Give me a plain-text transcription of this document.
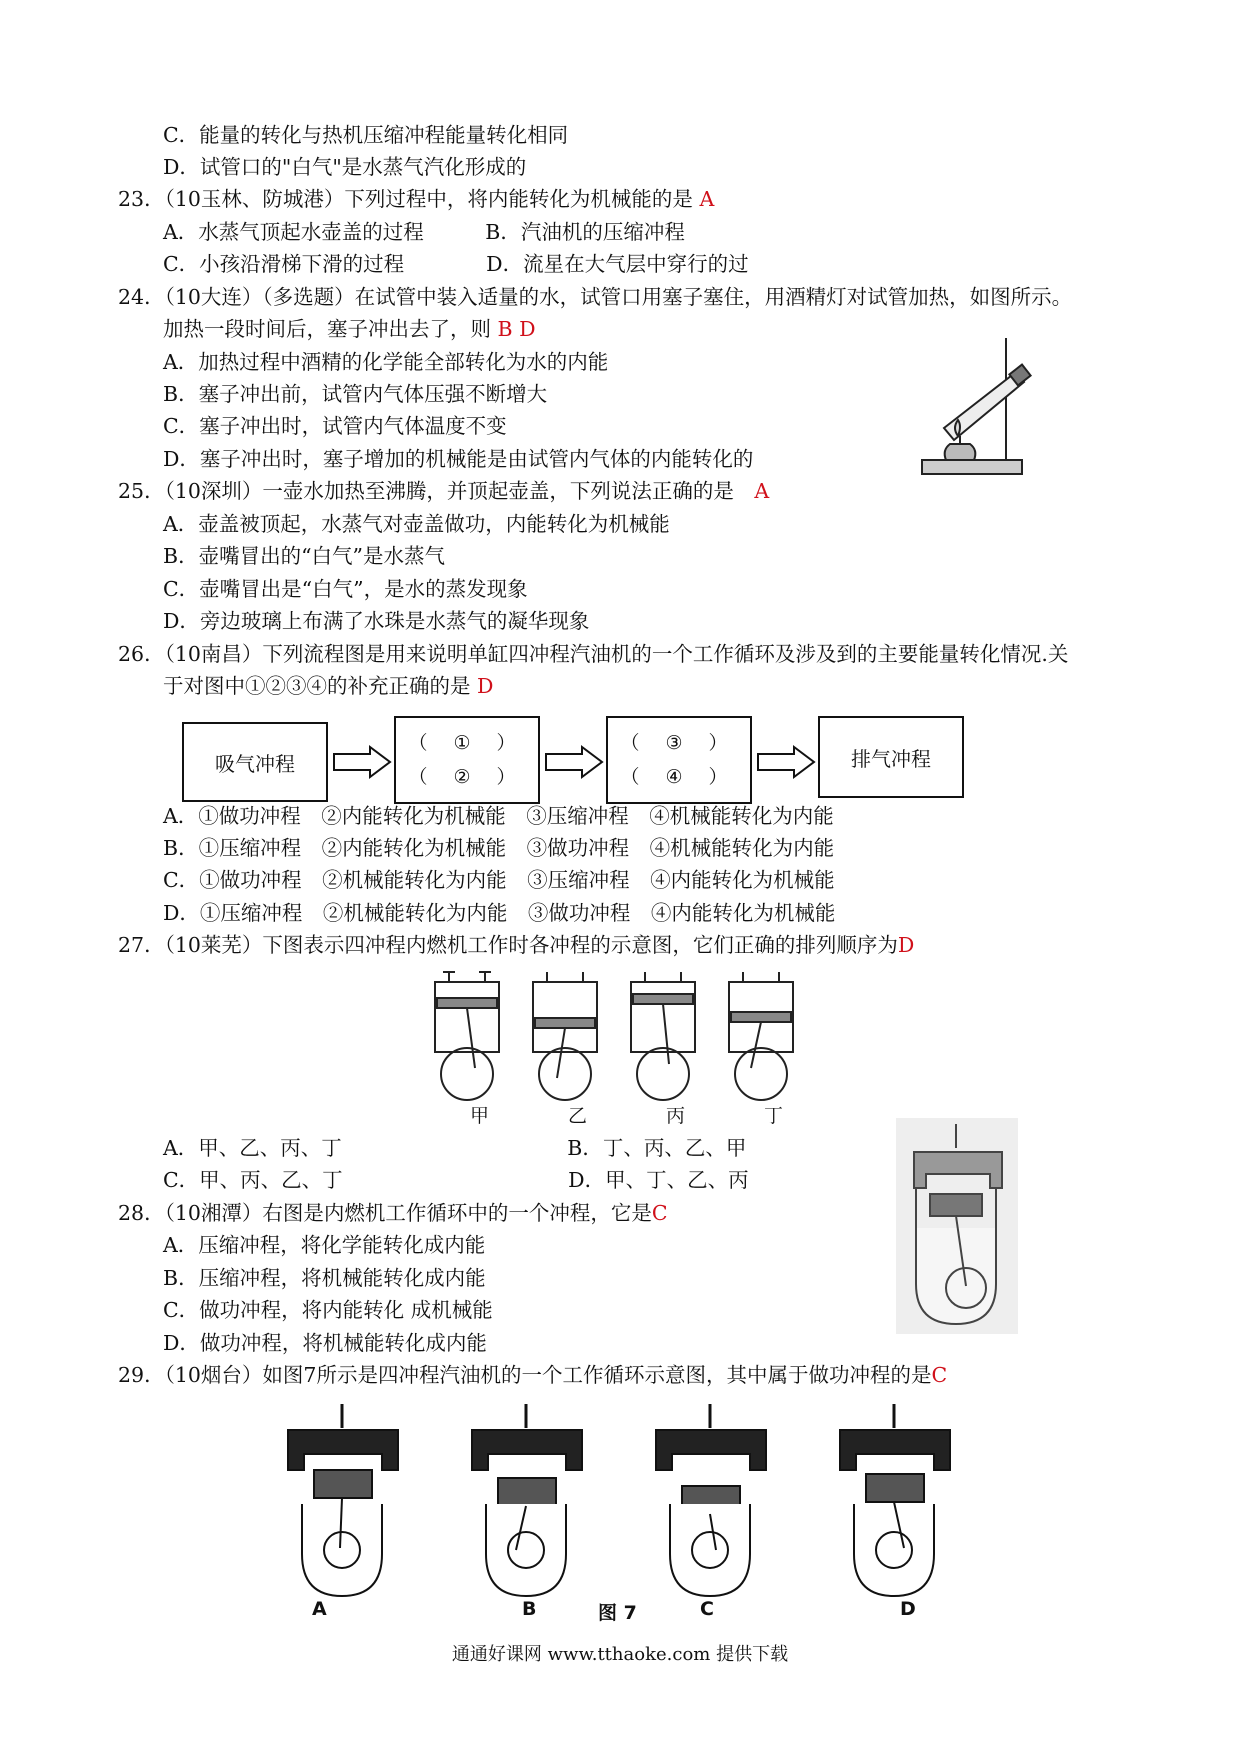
C．能量的转化与热机压缩冲程能量转化相同
D．试管口的"白气"是水蒸气汽化形成的
23．（10玉林、防城港）下列过程中，将内能转化为机械能的是 A
A．水蒸气顶起水壶盖的过程　　　B．汽油机的压缩冲程
C．小孩沿滑梯下滑的过程　　　　D．流星在大气层中穿行的过
24．（10大连）（多选题）在试管中装入适量的水，试管口用塞子塞住，用酒精灯对试管加热，如图所示。
加热一段时间后，塞子冲出去了，则 B D
A．加热过程中酒精的化学能全部转化为水的内能
B．塞子冲出前，试管内气体压强不断增大
C．塞子冲出时，试管内气体温度不变
D．塞子冲出时，塞子增加的机械能是由试管内气体的内能转化的
25．（10深圳）一壶水加热至沸腾，并顶起壶盖，下列说法正确的是　A
A．壶盖被顶起，水蒸气对壶盖做功，内能转化为机械能
B．壶嘴冒出的“白气”是水蒸气
C．壶嘴冒出是“白气”，是水的蒸发现象
D．旁边玻璃上布满了水珠是水蒸气的凝华现象
26．（10南昌）下列流程图是用来说明单缸四冲程汽油机的一个工作循环及涉及到的主要能量转化情况.关
于对图中①②③④的补充正确的是 D
吸气冲程
（ ① ）
（ ② ）
（ ③ ）
（ ④ ）
排气冲程
A．①做功冲程　②内能转化为机械能　③压缩冲程　④机械能转化为内能
B．①压缩冲程　②内能转化为机械能　③做功冲程　④机械能转化为内能
C．①做功冲程　②机械能转化为内能　③压缩冲程　④内能转化为机械能
D．①压缩冲程　②机械能转化为内能　③做功冲程　④内能转化为机械能
27．（10莱芜）下图表示四冲程内燃机工作时各冲程的示意图，它们正确的排列顺序为D
甲	乙	丙	丁
A．甲、乙、丙、丁　　　　　　　　　　　B．丁、丙、乙、甲
C．甲、丙、乙、丁　　　　　　　　　　　D．甲、丁、乙、丙
28．（10湘潭）右图是内燃机工作循环中的一个冲程，它是C
A．压缩冲程，将化学能转化成内能
B．压缩冲程，将机械能转化成内能
C．做功冲程，将内能转化 成机械能
D．做功冲程，将机械能转化成内能
29．（10烟台）如图7所示是四冲程汽油机的一个工作循环示意图，其中属于做功冲程的是C
A	B	图 7	C	D
通通好课网 www.tthaoke.com 提供下载
